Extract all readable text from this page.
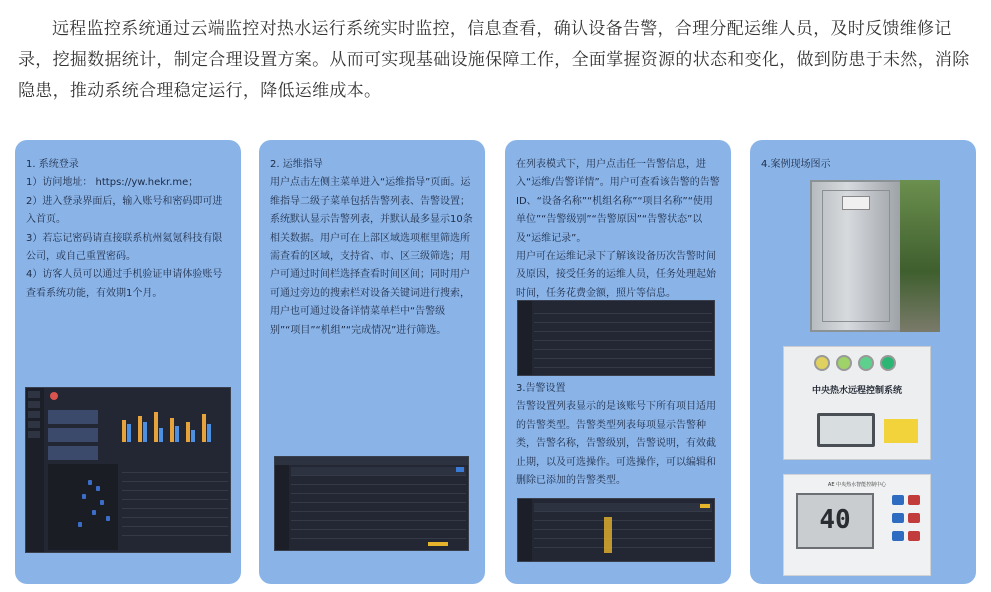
远程监控系统通过云端监控对热水运行系统实时监控，信息查看，确认设备告警，合理分配运维人员，及时反馈维修记录，挖掘数据统计，制定合理设置方案。从而可实现基础设施保障工作，全面掌握资源的状态和变化，做到防患于未然，消除隐患，推动系统合理稳定运行，降低运维成本。

1. 系统登录

1）访问地址： https://yw.hekr.me；

2）进入登录界面后，输入账号和密码即可进入首页。

3）若忘记密码请直接联系杭州氦氪科技有限公司，或自己重置密码。

4）访客人员可以通过手机验证申请体验账号查看系统功能，有效期1个月。

2. 运维指导

用户点击左侧主菜单进入“运维指导”页面。运维指导二级子菜单包括告警列表、告警设置；系统默认显示告警列表，并默认最多显示10条相关数据。用户可在上部区域选项框里筛选所需查看的区域，支持省、市、区三级筛选；用户可通过时间栏选择查看时间区间；同时用户可通过旁边的搜索栏对设备关键词进行搜索，用户也可通过设备详情菜单栏中“告警级别”“项目”“机组”“完成情况”进行筛选。

在列表模式下，用户点击任一告警信息，进入“运维/告警详情”。用户可查看该告警的告警ID、“设备名称”“机组名称”“项目名称”“使用单位”“告警级别”“告警原因”“告警状态”以及“运维记录”。

用户可在运维记录下了解该设备历次告警时间及原因，接受任务的运维人员，任务处理起始时间，任务花费金额，照片等信息。

3.告警设置

告警设置列表显示的是该账号下所有项目适用的告警类型。告警类型列表每项显示告警种类，告警名称，告警级别，告警说明，有效截止期，以及可选操作。可选操作，可以编辑和删除已添加的告警类型。

4.案例现场图示

中央热水远程控制系统
AE 中央热水智能控制中心
40
